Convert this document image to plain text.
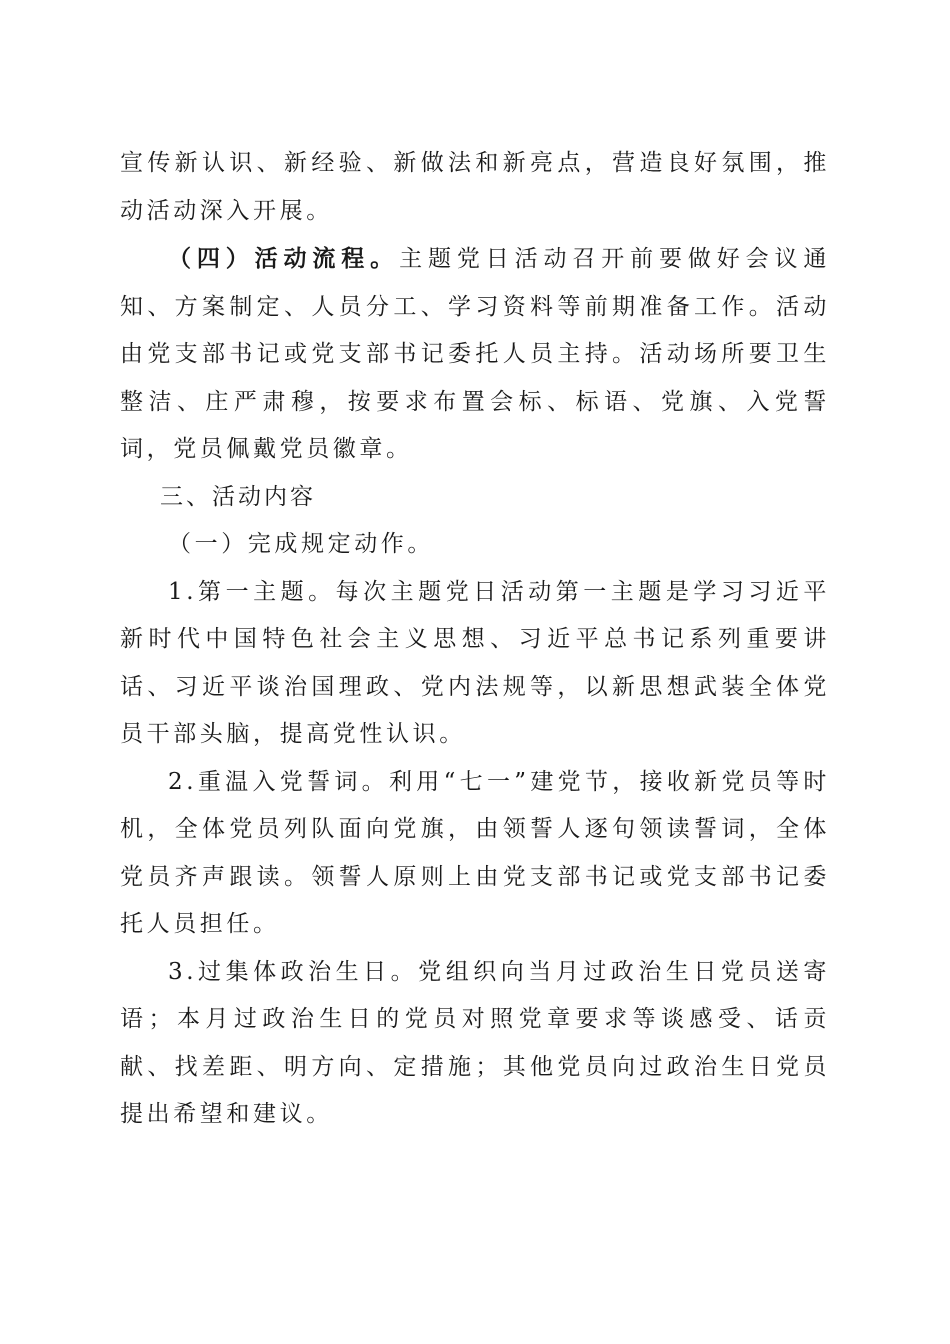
宣传新认识、新经验、新做法和新亮点，营造良好氛围，推动活动深入开展。

（四）活动流程。主题党日活动召开前要做好会议通知、方案制定、人员分工、学习资料等前期准备工作。活动由党支部书记或党支部书记委托人员主持。活动场所要卫生整洁、庄严肃穆，按要求布置会标、标语、党旗、入党誓词，党员佩戴党员徽章。

三、活动内容

（一）完成规定动作。

1.第一主题。每次主题党日活动第一主题是学习习近平新时代中国特色社会主义思想、习近平总书记系列重要讲话、习近平谈治国理政、党内法规等，以新思想武装全体党员干部头脑，提高党性认识。

2.重温入党誓词。利用“七一”建党节，接收新党员等时机，全体党员列队面向党旗，由领誓人逐句领读誓词，全体党员齐声跟读。领誓人原则上由党支部书记或党支部书记委托人员担任。

3.过集体政治生日。党组织向当月过政治生日党员送寄语；本月过政治生日的党员对照党章要求等谈感受、话贡献、找差距、明方向、定措施；其他党员向过政治生日党员提出希望和建议。
